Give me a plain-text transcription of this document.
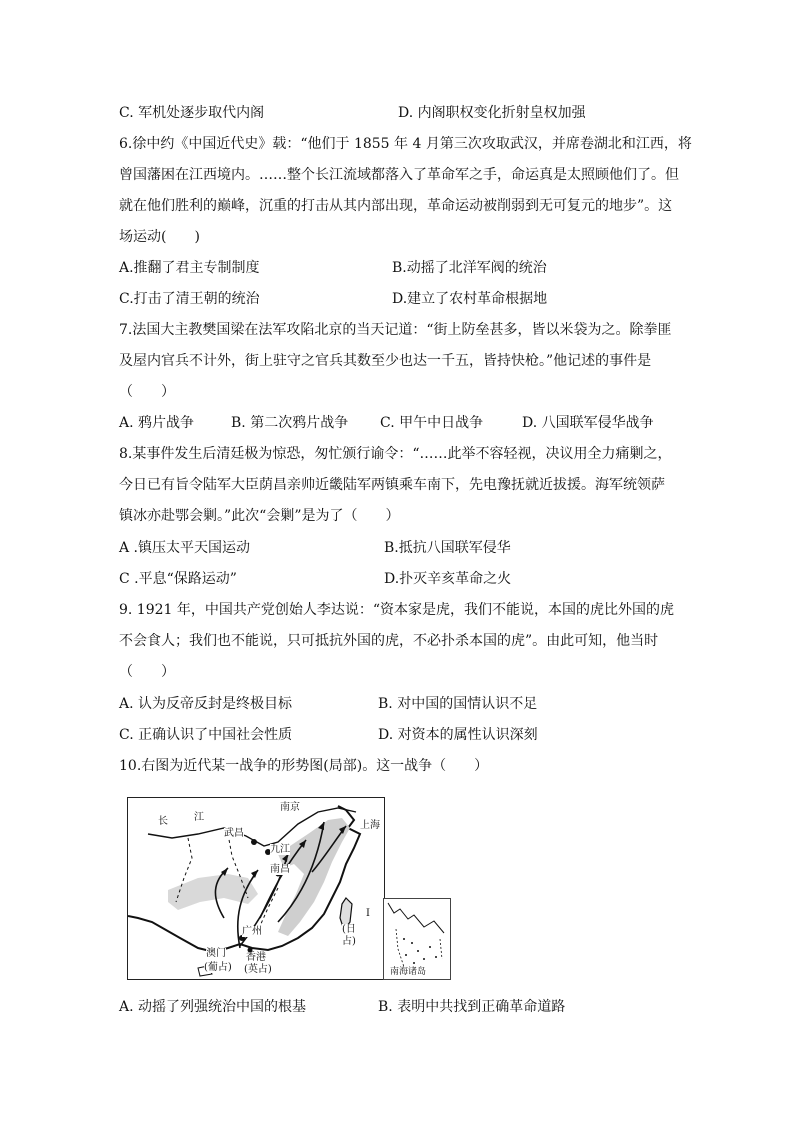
C. 军机处逐步取代内阁	D. 内阁职权变化折射皇权加强
6.徐中约《中国近代史》载：“他们于 1855 年 4 月第三次攻取武汉，并席卷湖北和江西，将
曾国藩困在江西境内。……整个长江流域都落入了革命军之手，命运真是太照顾他们了。但
就在他们胜利的巅峰，沉重的打击从其内部出现，革命运动被削弱到无可复元的地步”。这
场运动(　　)
A.推翻了君主专制制度	B.动摇了北洋军阀的统治
C.打击了清王朝的统治	D.建立了农村革命根据地
7.法国大主教樊国梁在法军攻陷北京的当天记道：“街上防垒甚多，皆以米袋为之。除拳匪
及屋内官兵不计外，街上驻守之官兵其数至少也达一千五，皆持快枪。”他记述的事件是
（　　）
A. 鸦片战争	B. 第二次鸦片战争 C. 甲午中日战争	D. 八国联军侵华战争
8.某事件发生后清廷极为惊恐，匆忙颁行谕令：“……此举不容轻视，决议用全力痛剿之，
今日已有旨令陆军大臣荫昌亲帅近畿陆军两镇乘车南下，先电豫抚就近拔援。海军统领萨
镇冰亦赴鄂会剿。”此次“会剿”是为了（　　）
A .镇压太平天国运动	B.抵抗八国联军侵华
C .平息“保路运动”	D.扑灭辛亥革命之火
9. 1921 年，中国共产党创始人李达说：“资本家是虎，我们不能说，本国的虎比外国的虎
不会食人；我们也不能说，只可抵抗外国的虎，不必扑杀本国的虎”。由此可知，他当时
（　　）
A. 认为反帝反封是终极目标	B. 对中国的国情认识不足
C. 正确认识了中国社会性质	D. 对资本的属性认识深刻
10.右图为近代某一战争的形势图(局部)。这一战争（　　）
南京
长	江
武昌
上海
九江
南昌
广州
I
(日
占)
澳门
(葡占)
香港
(英占)	南海诸岛
A. 动摇了列强统治中国的根基	B. 表明中共找到正确革命道路
